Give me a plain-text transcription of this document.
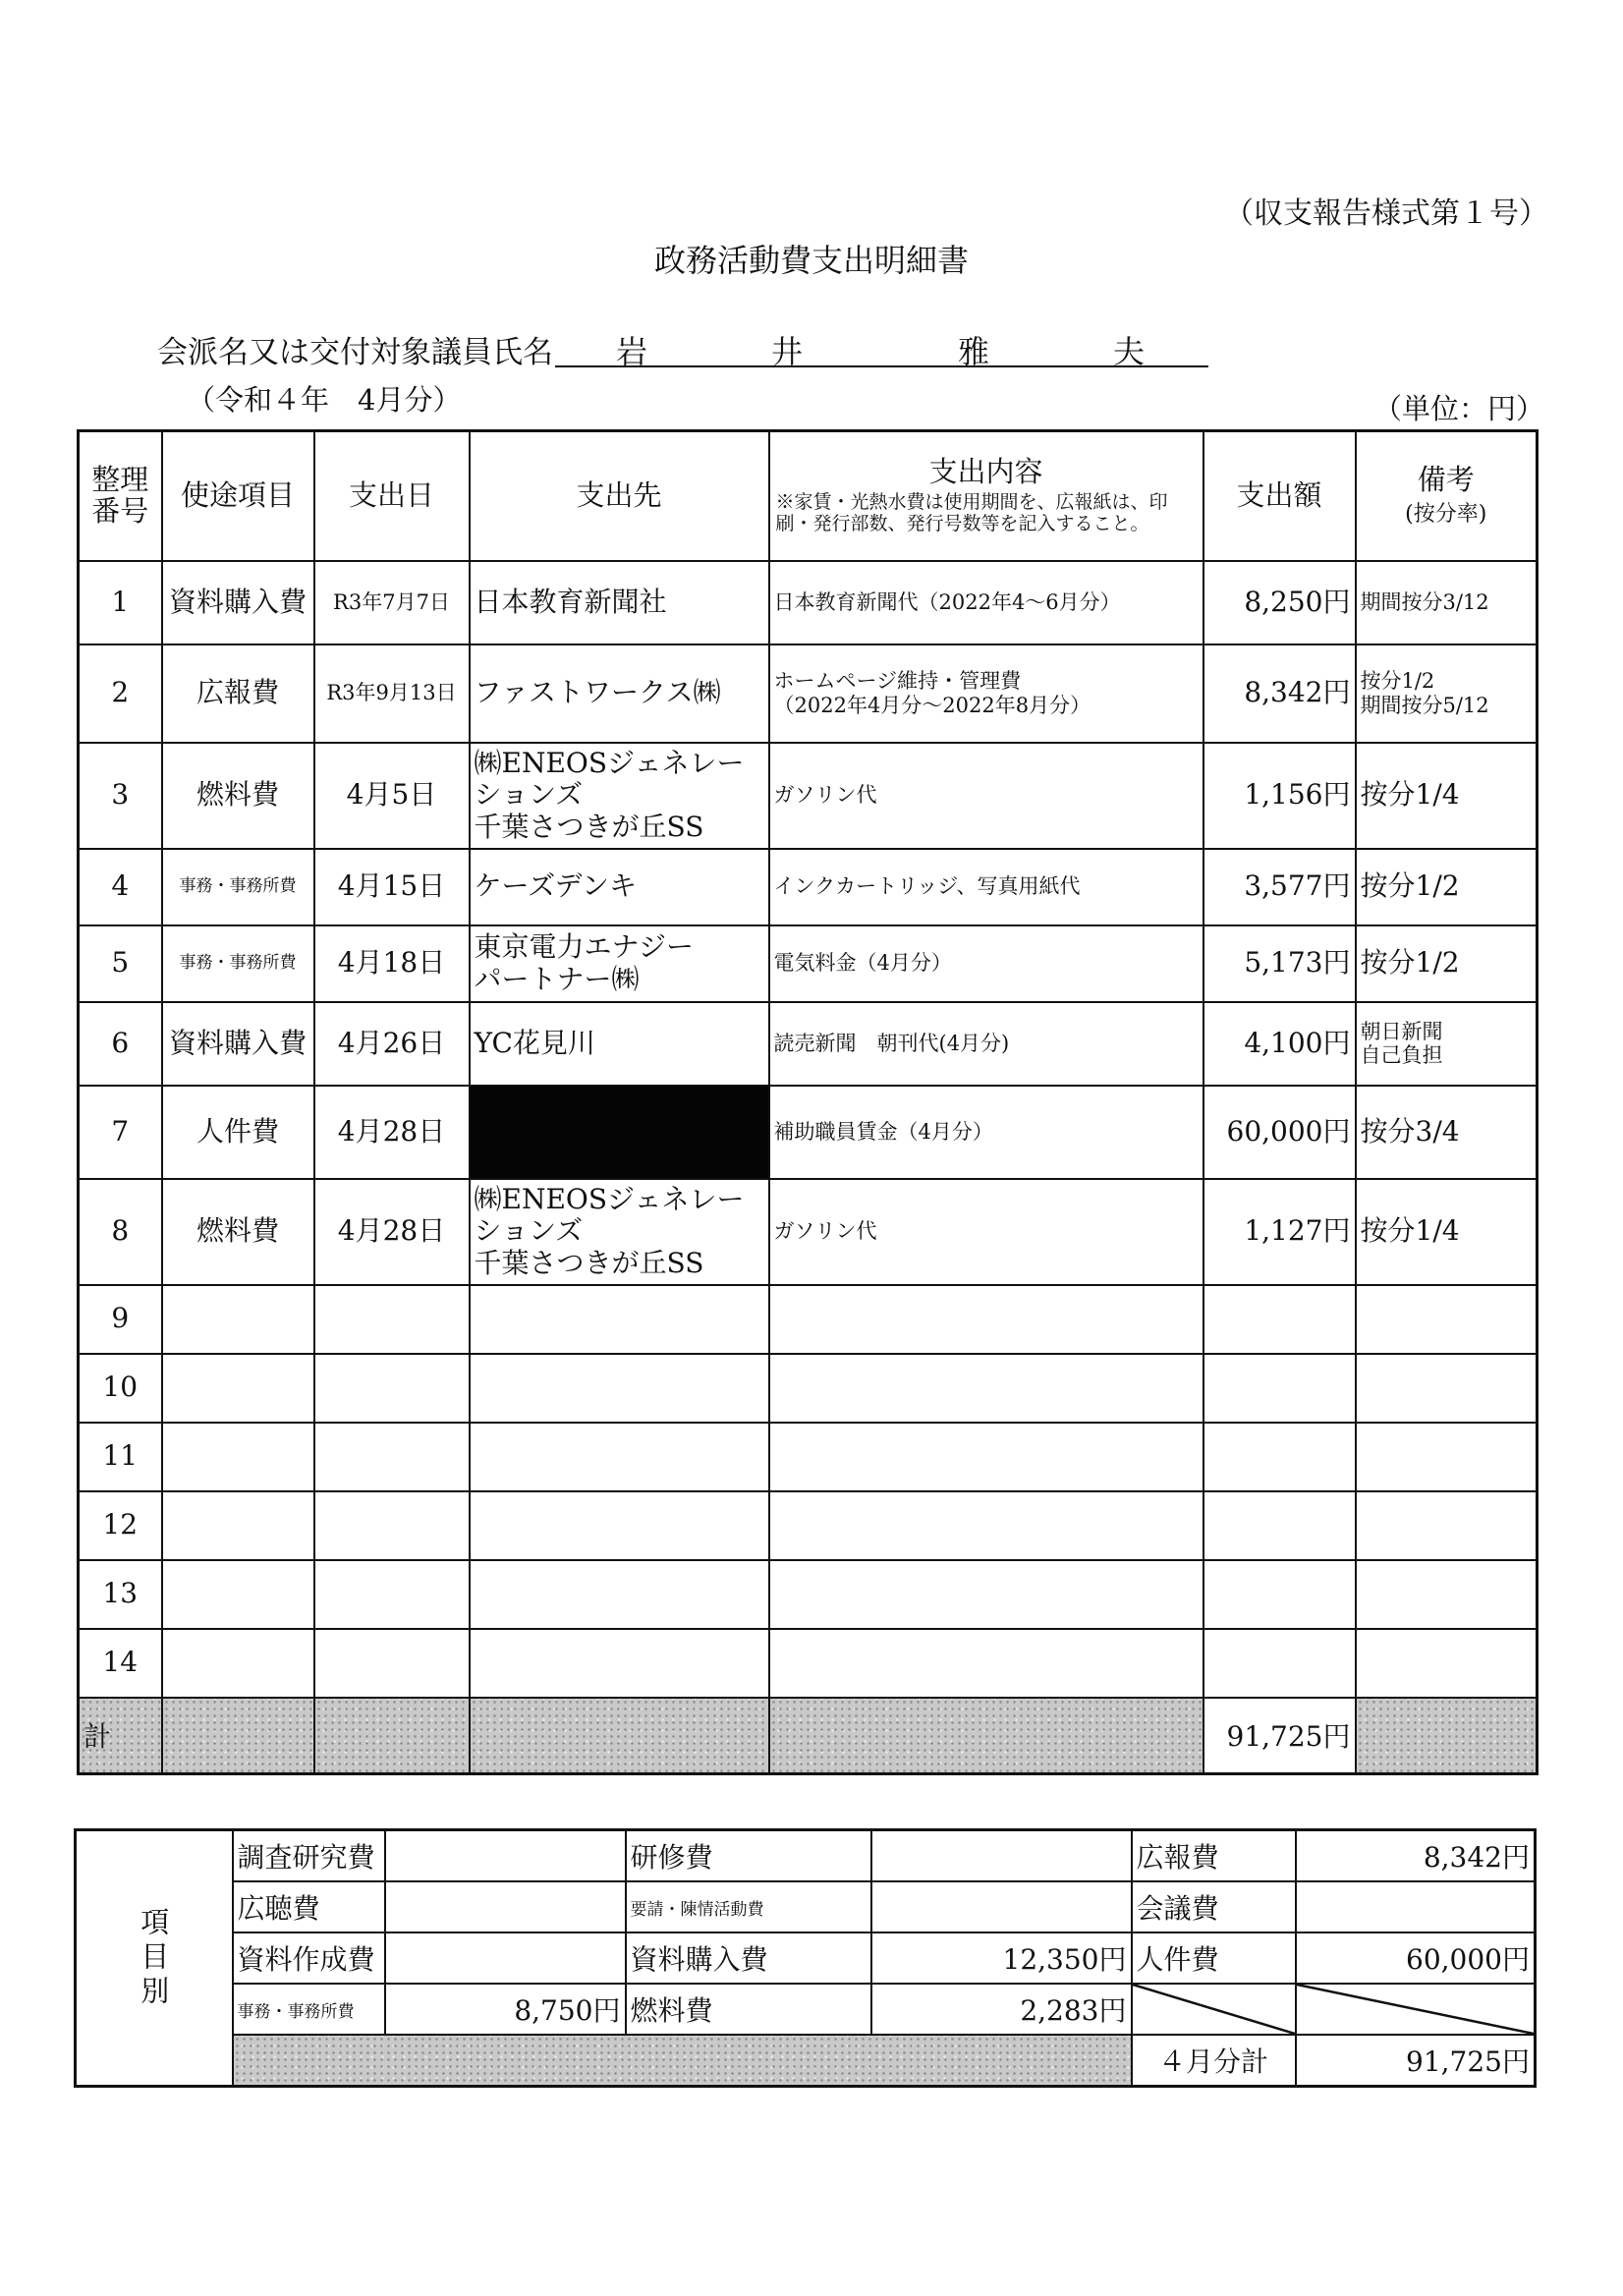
（収支報告様式第１号）
政務活動費支出明細書
会派名又は交付対象議員氏名 岩	井	雅	夫
（令和４年　4月分）	（単位：円）
整理
番号	使途項目	支出日	支出先	支出内容
※家賃・光熱水費は使用期間を、広報紙は、印刷・発行部数、発行号数等を記入すること。	支出額	備考
(按分率)
1	資料購入費	R3年7月7日	日本教育新聞社	日本教育新聞代（2022年4～6月分）	8,250円	期間按分3/12
2	広報費	R3年9月13日	ファストワークス㈱	ホームページ維持・管理費
（2022年4月分～2022年8月分）	8,342円	按分1/2
期間按分5/12
3	燃料費	4月5日	㈱ENEOSジェネレー
ションズ
千葉さつきが丘SS	ガソリン代	1,156円	按分1/4
4	事務・事務所費	4月15日	ケーズデンキ	インクカートリッジ、写真用紙代	3,577円	按分1/2
5	事務・事務所費	4月18日	東京電力エナジー
パートナー㈱	電気料金（4月分）	5,173円	按分1/2
6	資料購入費	4月26日	YC花見川	読売新聞　朝刊代(4月分)	4,100円	朝日新聞
自己負担
7	人件費	4月28日		補助職員賃金（4月分）	60,000円	按分3/4
8	燃料費	4月28日	㈱ENEOSジェネレー
ションズ
千葉さつきが丘SS	ガソリン代	1,127円	按分1/4
9						
10						
11						
12						
13						
14						
計					91,725円	
項目別	調査研究費		研修費		広報費	8,342円
	広聴費		要請・陳情活動費		会議費	
	資料作成費		資料購入費	12,350円	人件費	60,000円
	事務・事務所費	8,750円	燃料費	2,283円		
					４月分計	91,725円
